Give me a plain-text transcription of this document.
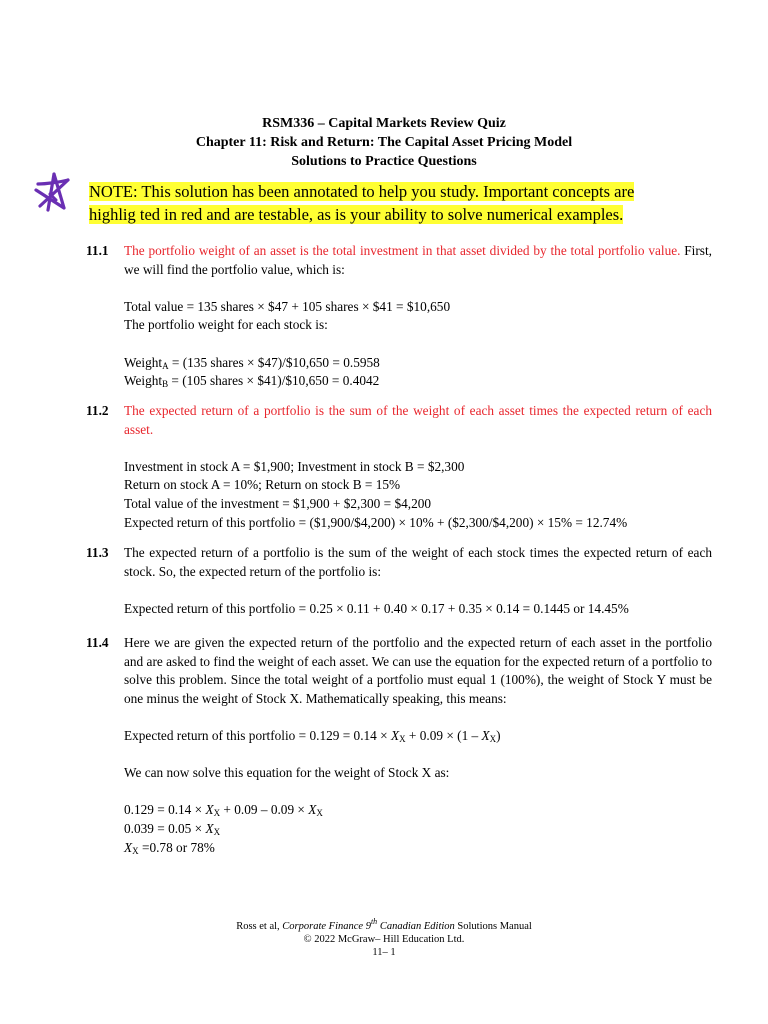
RSM336 – Capital Markets Review Quiz
Chapter 11: Risk and Return: The Capital Asset Pricing Model
Solutions to Practice Questions
NOTE: This solution has been annotated to help you study. Important concepts are
highlig ted in red and are testable, as is your ability to solve numerical examples.
11.1 The portfolio weight of an asset is the total investment in that asset divided by the total portfolio value. First, we will find the portfolio value, which is:
Total value = 135 shares × $47 + 105 shares × $41 = $10,650
The portfolio weight for each stock is:
Weight$_A$ = (135 shares × $47)/$10,650 = 0.5958
Weight$_B$ = (105 shares × $41)/$10,650 = 0.4042
11.2 The expected return of a portfolio is the sum of the weight of each asset times the expected return of each asset.
Investment in stock A = $1,900; Investment in stock B = $2,300
Return on stock A = 10%; Return on stock B = 15%
Total value of the investment = $1,900 + $2,300 = $4,200
Expected return of this portfolio = ($1,900/$4,200) × 10% + ($2,300/$4,200) × 15% = 12.74%
11.3 The expected return of a portfolio is the sum of the weight of each stock times the expected return of each stock. So, the expected return of the portfolio is:
Expected return of this portfolio = 0.25 × 0.11 + 0.40 × 0.17 + 0.35 × 0.14 = 0.1445 or 14.45%
11.4 Here we are given the expected return of the portfolio and the expected return of each asset in the portfolio and are asked to find the weight of each asset. We can use the equation for the expected return of a portfolio to solve this problem. Since the total weight of a portfolio must equal 1 (100%), the weight of Stock Y must be one minus the weight of Stock X. Mathematically speaking, this means:
Expected return of this portfolio = $0.129 = 0.14 \times X_X + 0.09 \times (1 - X_X)$
We can now solve this equation for the weight of Stock X as:
$0.129 = 0.14 \times X_X + 0.09 - 0.09 \times X_X$
$0.039 = 0.05 \times X_X$
$X_X =0.78$ or 78%
Ross et al, Corporate Finance 9th Canadian Edition Solutions Manual
© 2022 McGraw– Hill Education Ltd.
11– 1
